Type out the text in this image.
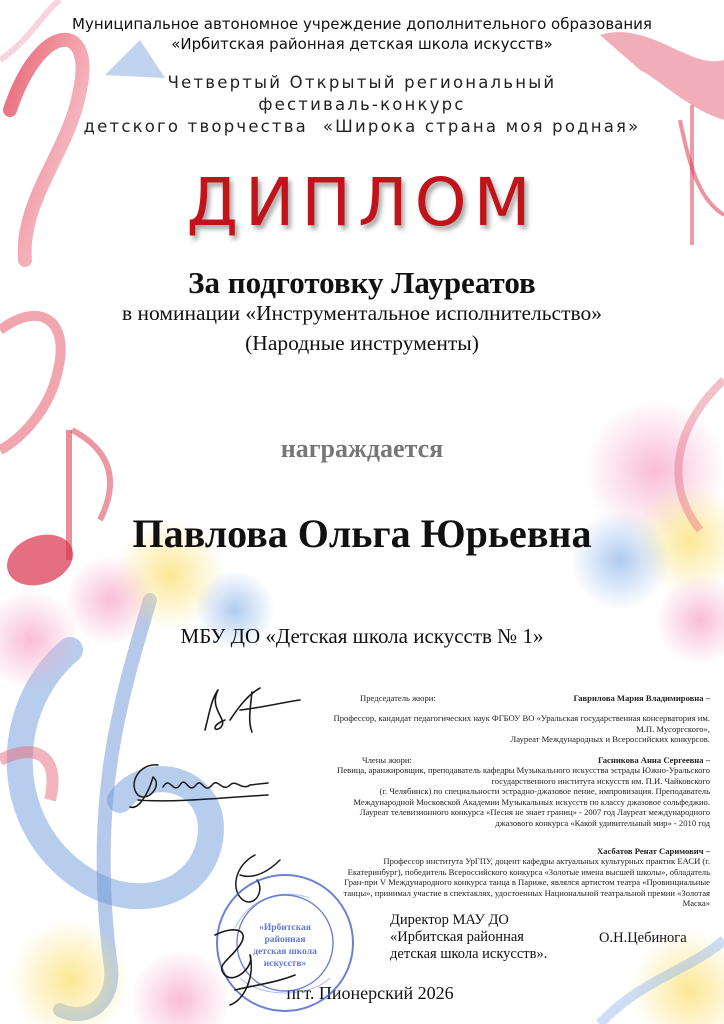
Муниципальное автономное учреждение дополнительного образования
«Ирбитская районная детская школа искусств»
Четвертый Открытый региональный
фестиваль-конкурс
детского творчества  «Широка страна моя родная»
ДИПЛОМ
За подготовку Лауреатов
в номинации «Инструментальное исполнительство»
(Народные инструменты)
награждается
Павлова Ольга Юрьевна
МБУ ДО «Детская школа искусств № 1»
Председатель жюри:	Гаврилова Мария Владимировна –
Профессор, кандидат педагогических наук ФГБОУ ВО «Уральская государственная консерватория им.
М.П. Мусоргского»,
Лауреат Международных и Всероссийских конкурсов.
Члены жюри:	Гасникова Анна Сергеевна –
Певица, аранжировщик, преподаватель кафедры Музыкального искусства эстрады Южно-Уральского
государственного института искусств им. П.И. Чайковского
(г. Челябинск) по специальности эстрадно-джазовое пение, импровизация. Преподаватель
Международной Московской Академии Музыкальных искусств по классу джазовое сольфеджио.
Лауреат телевизионного конкурса «Песня не знает границ» - 2007 год Лауреат международного
джазового конкурса «Какой удивительный мир» - 2010 год
Хасбатов Ренат Саримович –
Профессор института УрГПУ, доцент кафедры актуальных культурных практик ЕАСИ (г.
Екатеринбург), победитель Всероссийского конкурса «Золотые имена высшей школы», обладатель
Гран-при V Международного конкурса танца в Париже, являлся артистом театра «Провинциальные
танцы», принимал участие в спектаклях, удостоенных Национальной театральной премии «Золотая
Маска»
Директор МАУ ДО
«Ирбитская районная
детская школа искусств».
О.Н.Цебинога
пгт. Пионерский 2026
«Ирбитская
районная
детская школа
искусств»
